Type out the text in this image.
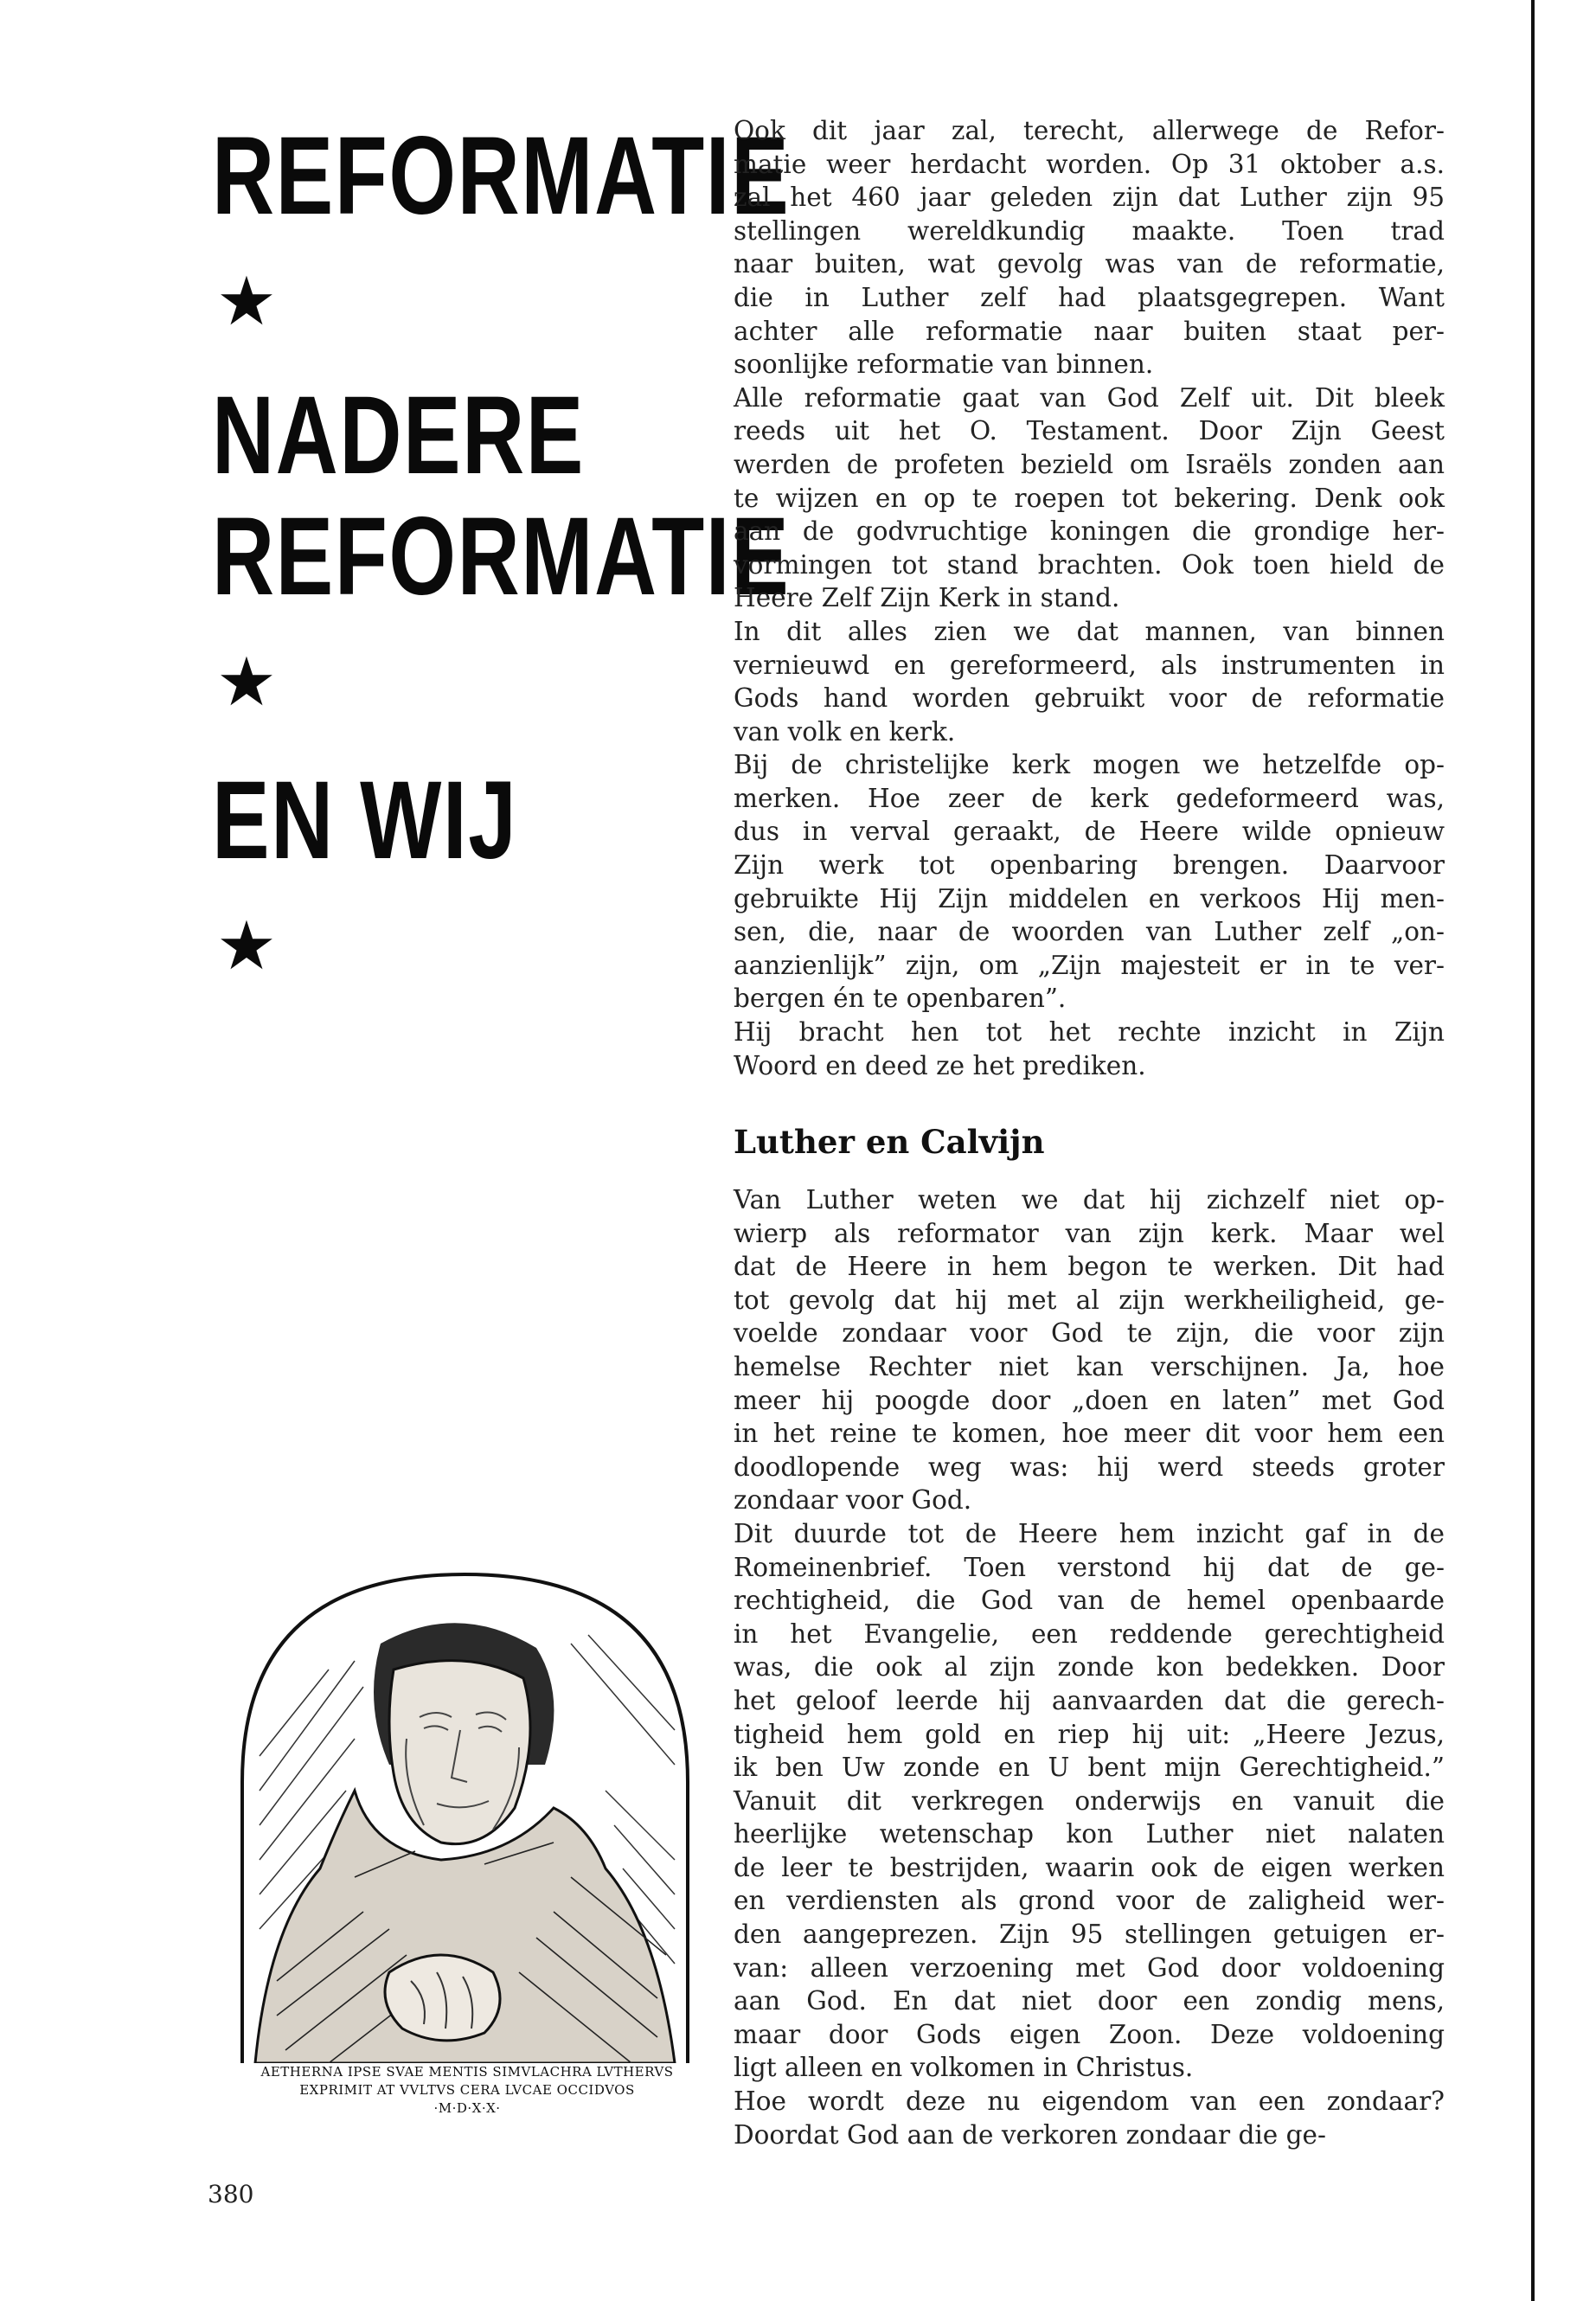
REFORMATIE
★
NADERE
REFORMATIE
★
EN WIJ
★

Ook dit jaar zal, terecht, allerwege de Refor-
matie weer herdacht worden. Op 31 oktober a.s.
zal het 460 jaar geleden zijn dat Luther zijn 95
stellingen wereldkundig maakte. Toen trad
naar buiten, wat gevolg was van de reformatie,
die in Luther zelf had plaatsgegrepen. Want
achter alle reformatie naar buiten staat per-
soonlijke reformatie van binnen.

Alle reformatie gaat van God Zelf uit. Dit bleek
reeds uit het O. Testament. Door Zijn Geest
werden de profeten bezield om Israëls zonden aan
te wijzen en op te roepen tot bekering. Denk ook
aan de godvruchtige koningen die grondige her-
vormingen tot stand brachten. Ook toen hield de
Heere Zelf Zijn Kerk in stand.

In dit alles zien we dat mannen, van binnen
vernieuwd en gereformeerd, als instrumenten in
Gods hand worden gebruikt voor de reformatie
van volk en kerk.

Bij de christelijke kerk mogen we hetzelfde op-
merken. Hoe zeer de kerk gedeformeerd was,
dus in verval geraakt, de Heere wilde opnieuw
Zijn werk tot openbaring brengen. Daarvoor
gebruikte Hij Zijn middelen en verkoos Hij men-
sen, die, naar de woorden van Luther zelf „on-
aanzienlijk” zijn, om „Zijn majesteit er in te ver-
bergen én te openbaren”.

Hij bracht hen tot het rechte inzicht in Zijn
Woord en deed ze het prediken.

Luther en Calvijn

Van Luther weten we dat hij zichzelf niet op-
wierp als reformator van zijn kerk. Maar wel
dat de Heere in hem begon te werken. Dit had
tot gevolg dat hij met al zijn werkheiligheid, ge-
voelde zondaar voor God te zijn, die voor zijn
hemelse Rechter niet kan verschijnen. Ja, hoe
meer hij poogde door „doen en laten” met God
in het reine te komen, hoe meer dit voor hem een
doodlopende weg was: hij werd steeds groter
zondaar voor God.

Dit duurde tot de Heere hem inzicht gaf in de
Romeinenbrief. Toen verstond hij dat de ge-
rechtigheid, die God van de hemel openbaarde
in het Evangelie, een reddende gerechtigheid
was, die ook al zijn zonde kon bedekken. Door
het geloof leerde hij aanvaarden dat die gerech-
tigheid hem gold en riep hij uit: „Heere Jezus,
ik ben Uw zonde en U bent mijn Gerechtigheid.”
Vanuit dit verkregen onderwijs en vanuit die
heerlijke wetenschap kon Luther niet nalaten
de leer te bestrijden, waarin ook de eigen werken
en verdiensten als grond voor de zaligheid wer-
den aangeprezen. Zijn 95 stellingen getuigen er-
van: alleen verzoening met God door voldoening
aan God. En dat niet door een zondig mens,
maar door Gods eigen Zoon. Deze voldoening
ligt alleen en volkomen in Christus.

Hoe wordt deze nu eigendom van een zondaar?
Doordat God aan de verkoren zondaar die ge-

AETHERNA IPSE SVAE MENTIS SIMVLACHRA LVTHERVS
EXPRIMIT AT VVLTVS CERA LVCAE OCCIDVOS
·M·D·X·X·
380
